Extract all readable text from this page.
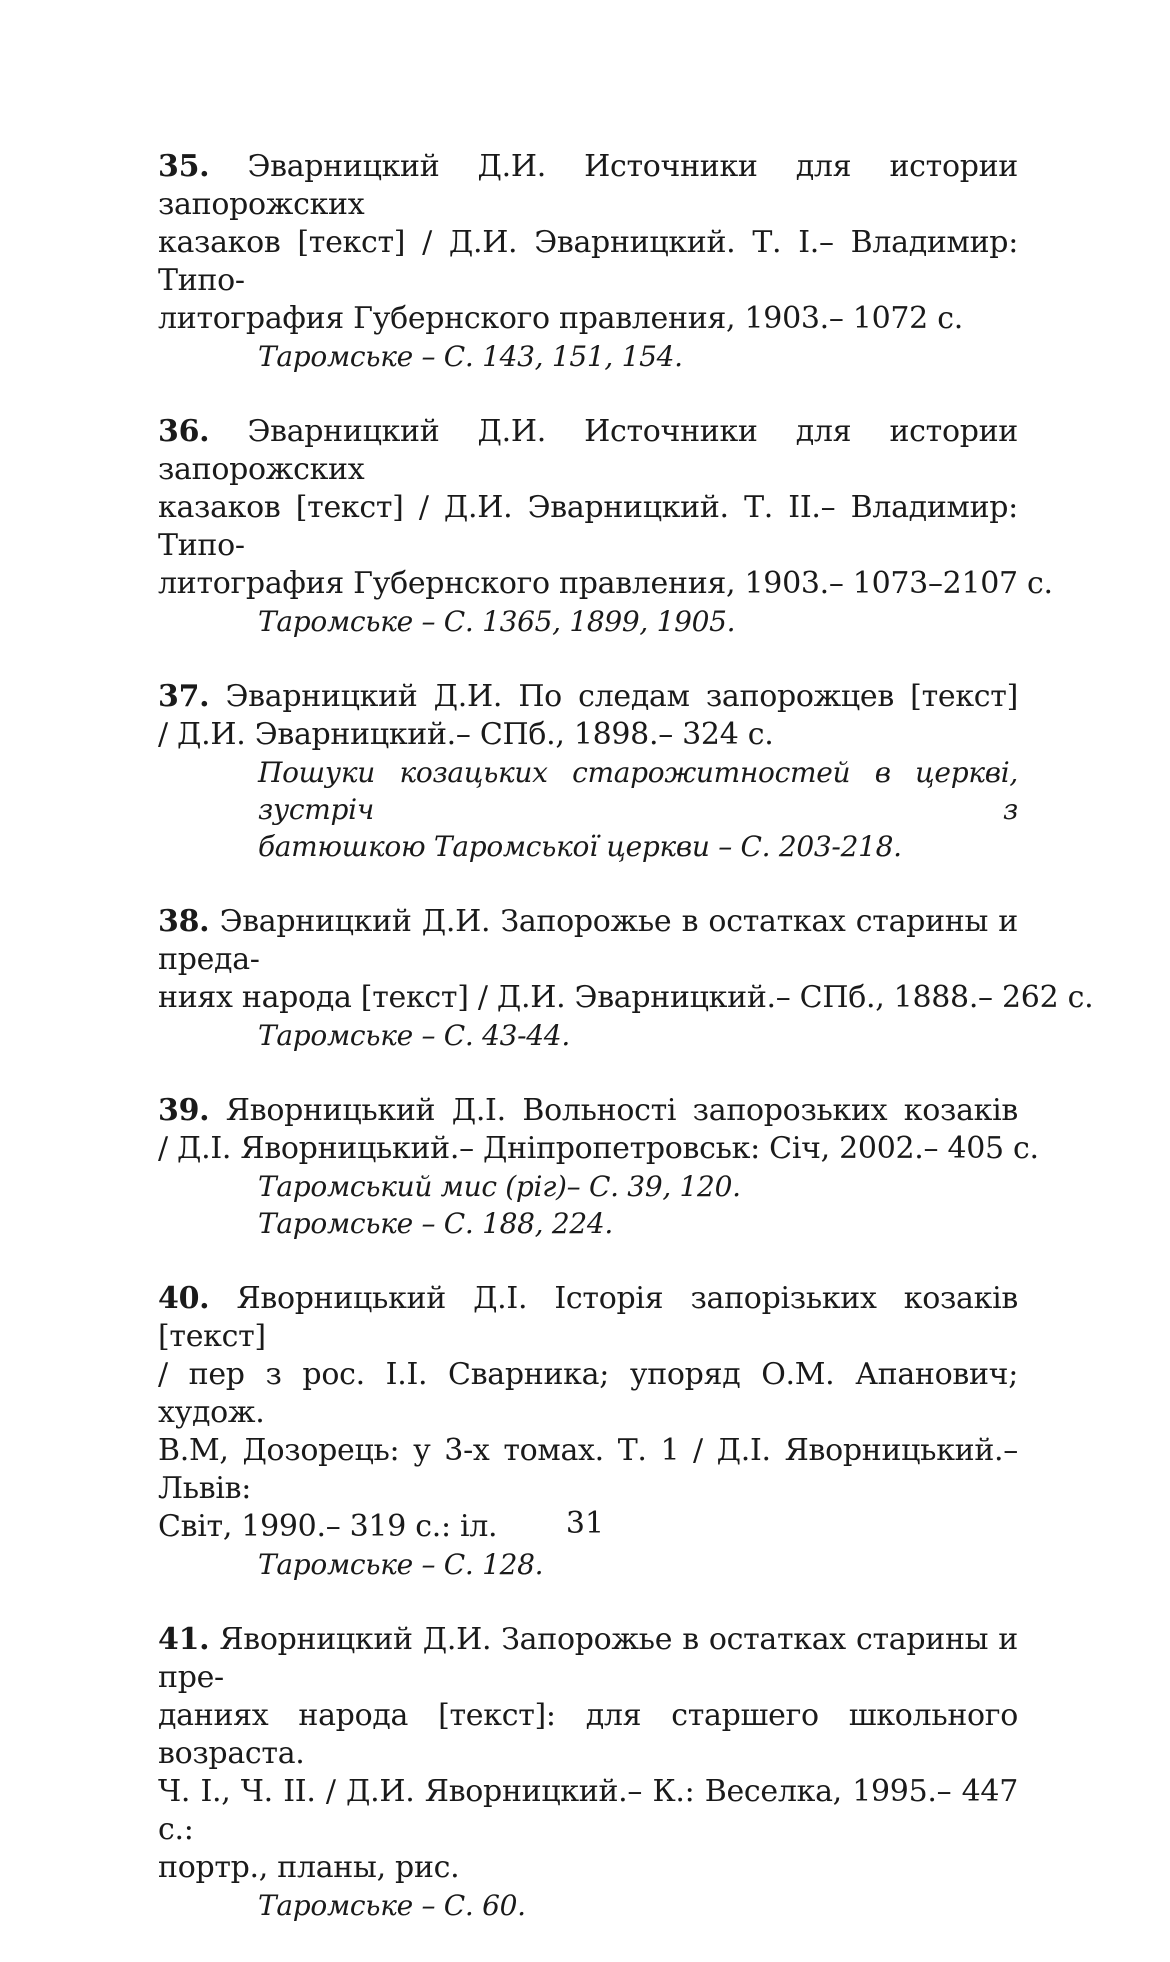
35. Эварницкий Д.И. Источники для истории запорожских
казаков [текст] / Д.И. Эварницкий. Т. I.– Владимир: Типо-
литография Губернского правления, 1903.– 1072 с.
Таромське – С. 143, 151, 154.
36. Эварницкий Д.И. Источники для истории запорожских
казаков [текст] / Д.И. Эварницкий. Т. II.– Владимир: Типо-
литография Губернского правления, 1903.– 1073–2107 с.
Таромське – С. 1365, 1899, 1905.
37. Эварницкий Д.И. По следам запорожцев [текст]
/ Д.И. Эварницкий.– СПб., 1898.– 324 с.
Пошуки козацьких старожитностей в церкві, зустріч з
батюшкою Таромської церкви – С. 203-218.
38. Эварницкий Д.И. Запорожье в остатках старины и преда-
ниях народа [текст] / Д.И. Эварницкий.– СПб., 1888.– 262 с.
Таромське – С. 43-44.
39. Яворницький Д.І. Вольності запорозьких козаків
/ Д.І. Яворницький.– Дніпропетровськ: Січ, 2002.– 405 с.
Таромський мис (ріг)– С. 39, 120.
Таромське – С. 188, 224.
40. Яворницький Д.І. Історія запорізьких козаків [текст]
/ пер з рос. І.І. Сварника; упоряд О.М. Апанович; худож.
В.М, Дозорець: у 3-х томах. Т. 1 / Д.І. Яворницький.– Львів:
Світ, 1990.– 319 с.: іл.
Таромське – С. 128.
41. Яворницкий Д.И. Запорожье в остатках старины и пре-
даниях народа [текст]: для старшего школьного возраста.
Ч. I., Ч. II. / Д.И. Яворницкий.– К.: Веселка, 1995.– 447 с.:
портр., планы, рис.
Таромське – С. 60.
31
